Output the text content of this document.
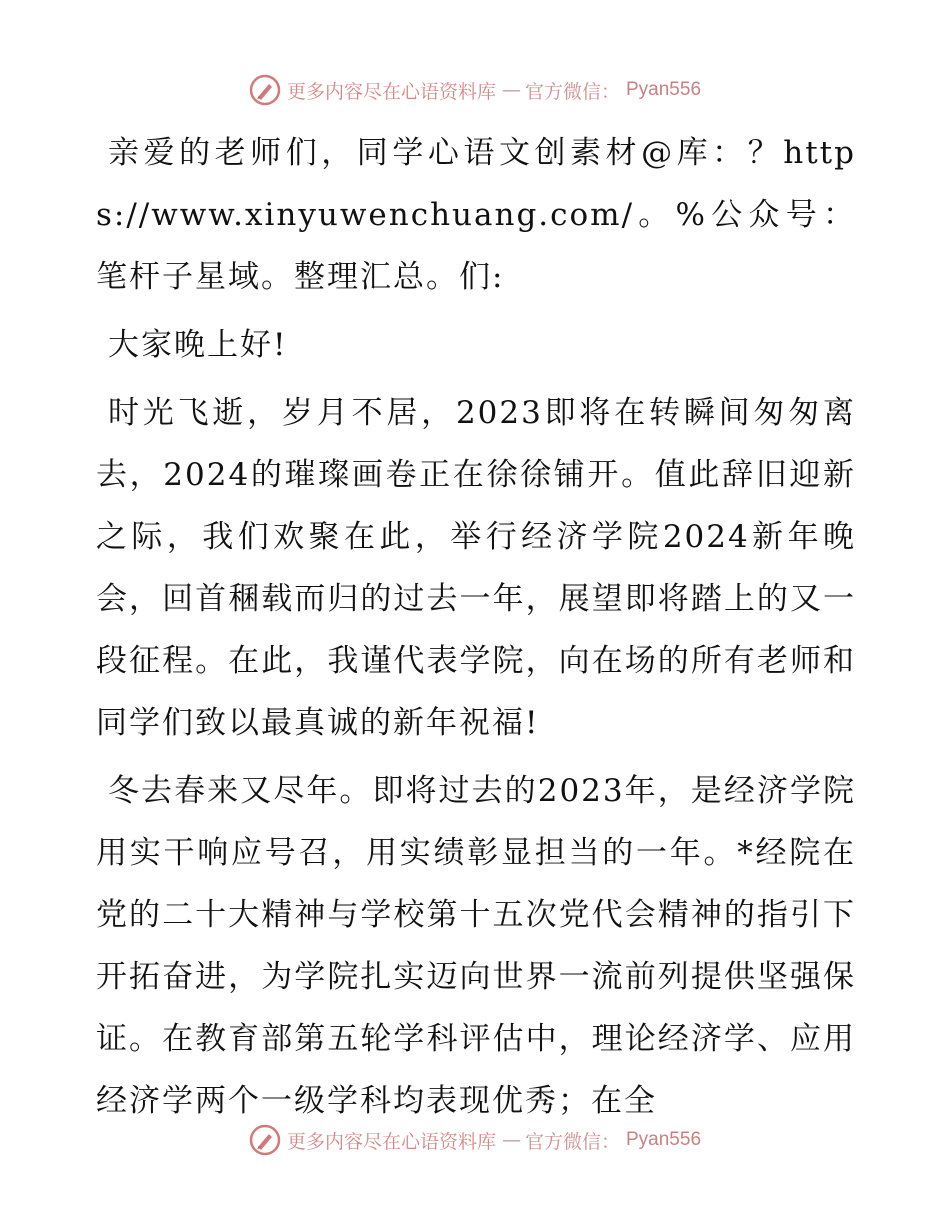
更多内容尽在心语资料库 — 官方微信： Pyan556

亲爱的老师们，同学心语文创素材@库：？https://www.xinyuwenchuang.com/。%公众号：笔杆子星域。整理汇总。们:

大家晚上好!

时光飞逝，岁月不居，2023即将在转瞬间匆匆离去，2024的璀璨画卷正在徐徐铺开。值此辞旧迎新之际，我们欢聚在此，举行经济学院2024新年晚会，回首稛载而归的过去一年，展望即将踏上的又一段征程。在此，我谨代表学院，向在场的所有老师和同学们致以最真诚的新年祝福!

冬去春来又尽年。即将过去的2023年，是经济学院用实干响应号召，用实绩彰显担当的一年。*经院在党的二十大精神与学校第十五次党代会精神的指引下开拓奋进，为学院扎实迈向世界一流前列提供坚强保证。在教育部第五轮学科评估中，理论经济学、应用经济学两个一级学科均表现优秀；在全

更多内容尽在心语资料库 — 官方微信： Pyan556
